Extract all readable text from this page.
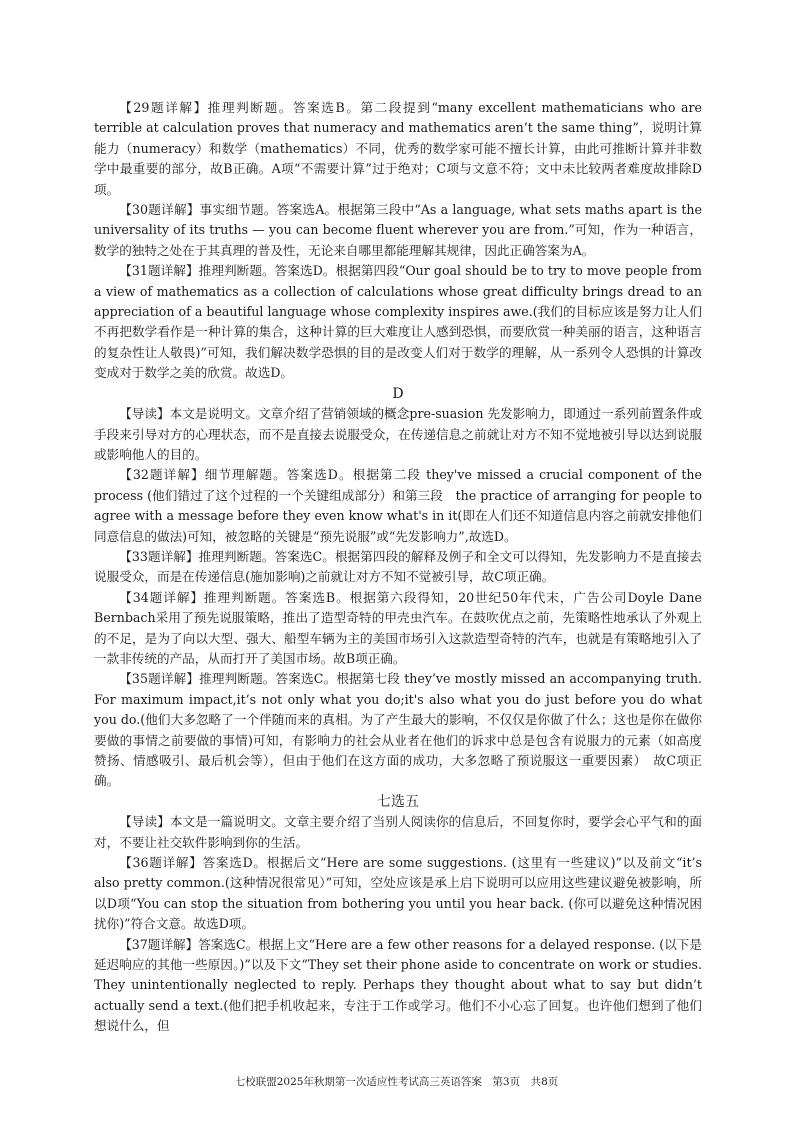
【29题详解】推理判断题。答案选B。第二段提到“many excellent mathematicians who are terrible at calculation proves that numeracy and mathematics aren’t the same thing”，说明计算能力（numeracy）和数学（mathematics）不同，优秀的数学家可能不擅长计算，由此可推断计算并非数学中最重要的部分，故B正确。A项“不需要计算”过于绝对；C项与文意不符；文中未比较两者难度故排除D项。

【30题详解】事实细节题。答案选A。根据第三段中“As a language, what sets maths apart is the universality of its truths — you can become fluent wherever you are from.”可知，作为一种语言，数学的独特之处在于其真理的普及性，无论来自哪里都能理解其规律，因此正确答案为A。

【31题详解】推理判断题。答案选D。根据第四段“Our goal should be to try to move people from a view of mathematics as a collection of calculations whose great difficulty brings dread to an appreciation of a beautiful language whose complexity inspires awe.(我们的目标应该是努力让人们不再把数学看作是一种计算的集合，这种计算的巨大难度让人感到恐惧，而要欣赏一种美丽的语言，这种语言的复杂性让人敬畏)”可知，我们解决数学恐惧的目的是改变人们对于数学的理解，从一系列令人恐惧的计算改变成对于数学之美的欣赏。故选D。

D

【导读】本文是说明文。文章介绍了营销领域的概念pre-suasion 先发影响力，即通过一系列前置条件或手段来引导对方的心理状态，而不是直接去说服受众，在传递信息之前就让对方不知不觉地被引导以达到说服或影响他人的目的。

【32题详解】细节理解题。答案选D。根据第二段 they've missed a crucial component of the process (他们错过了这个过程的一个关键组成部分）和第三段　the practice of arranging for people to agree with a message before they even know what's in it(即在人们还不知道信息内容之前就安排他们同意信息的做法)可知，被忽略的关键是“预先说服”或“先发影响力”,故选D。

【33题详解】推理判断题。答案选C。根据第四段的解释及例子和全文可以得知，先发影响力不是直接去说服受众，而是在传递信息(施加影响)之前就让对方不知不觉被引导，故C项正确。

【34题详解】推理判断题。答案选B。根据第六段得知，20世纪50年代末，广告公司Doyle Dane Bernbach采用了预先说服策略，推出了造型奇特的甲壳虫汽车。在鼓吹优点之前，先策略性地承认了外观上的不足，是为了向以大型、强大、船型车辆为主的美国市场引入这款造型奇特的汽车，也就是有策略地引入了一款非传统的产品，从而打开了美国市场。故B项正确。

【35题详解】推理判断题。答案选C。根据第七段 they’ve mostly missed an accompanying truth. For maximum impact,it’s not only what you do;it's also what you do just before you do what you do.(他们大多忽略了一个伴随而来的真相。为了产生最大的影响，不仅仅是你做了什么；这也是你在做你要做的事情之前要做的事情)可知，有影响力的社会从业者在他们的诉求中总是包含有说服力的元素（如高度赞扬、情感吸引、最后机会等），但由于他们在这方面的成功，大多忽略了预说服这一重要因素）　故C项正确。

七选五

【导读】本文是一篇说明文。文章主要介绍了当别人阅读你的信息后，不回复你时，要学会心平气和的面对，不要让社交软件影响到你的生活。

【36题详解】答案选D。根据后文“Here are some suggestions. (这里有一些建议)”以及前文“it’s also pretty common.(这种情况很常见）”可知，空处应该是承上启下说明可以应用这些建议避免被影响，所以D项“You can stop the situation from bothering you until you hear back. (你可以避免这种情况困扰你)”符合文意。故选D项。

【37题详解】答案选C。根据上文“Here are a few other reasons for a delayed response. (以下是延迟响应的其他一些原因。)”以及下文“They set their phone aside to concentrate on work or studies. They unintentionally neglected to reply. Perhaps they thought about what to say but didn’t actually send a text.(他们把手机收起来，专注于工作或学习。他们不小心忘了回复。也许他们想到了他们想说什么，但

七校联盟2025年秋期第一次适应性考试高三英语答案　第3页　共8页
